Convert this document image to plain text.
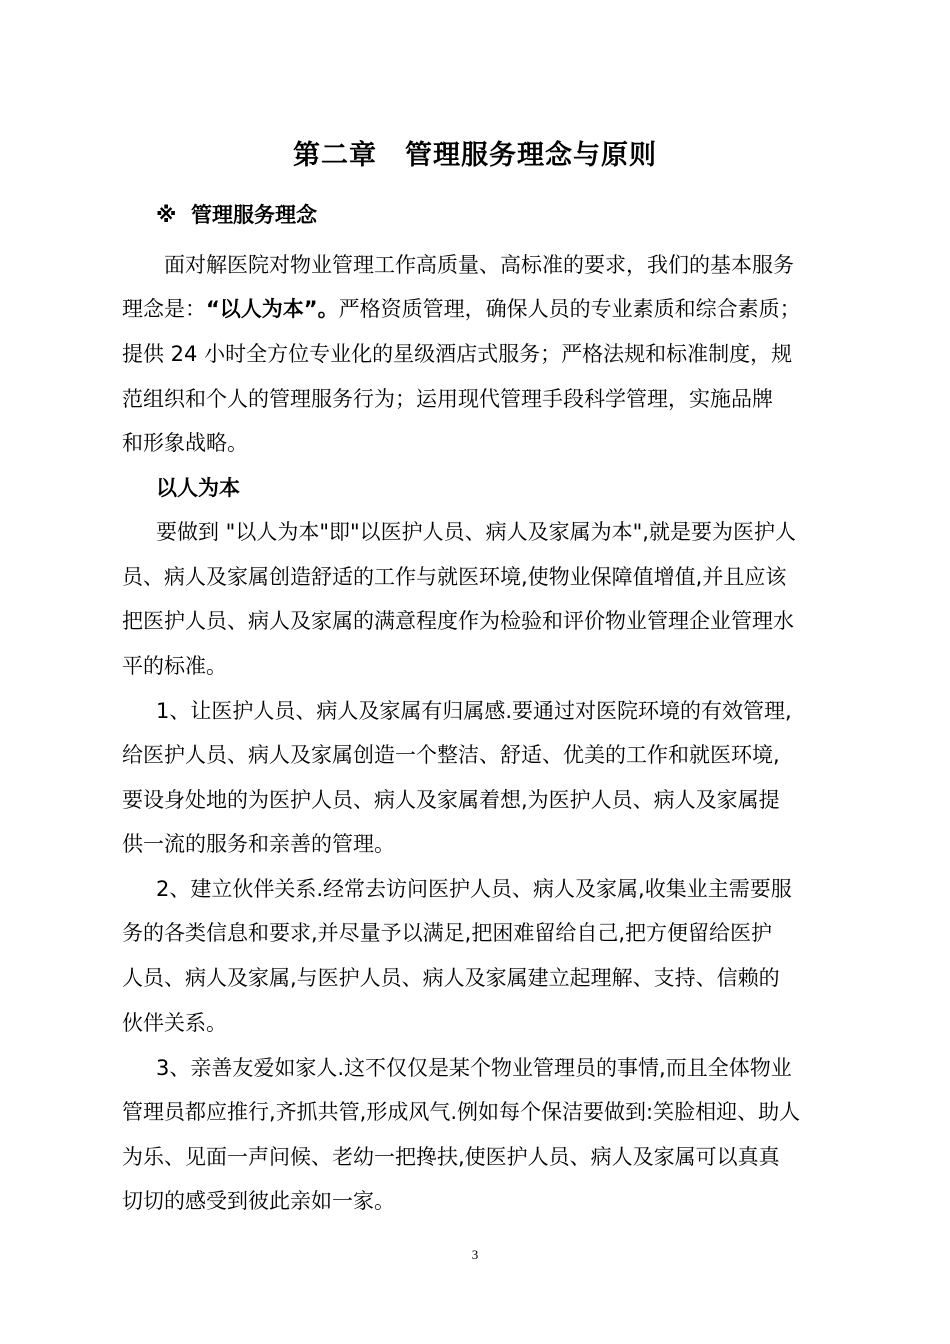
第二章　管理服务理念与原则
※  管理服务理念
面对解医院对物业管理工作高质量、高标准的要求，我们的基本服务
理念是：“以人为本”。严格资质管理，确保人员的专业素质和综合素质；
提供 24 小时全方位专业化的星级酒店式服务；严格法规和标准制度，规
范组织和个人的管理服务行为；运用现代管理手段科学管理，实施品牌
和形象战略。
以人为本
要做到 "以人为本"即"以医护人员、病人及家属为本",就是要为医护人
员、病人及家属创造舒适的工作与就医环境,使物业保障值增值,并且应该
把医护人员、病人及家属的满意程度作为检验和评价物业管理企业管理水
平的标准。
1、让医护人员、病人及家属有归属感.要通过对医院环境的有效管理,
给医护人员、病人及家属创造一个整洁、舒适、优美的工作和就医环境,
要设身处地的为医护人员、病人及家属着想,为医护人员、病人及家属提
供一流的服务和亲善的管理。
2、建立伙伴关系.经常去访问医护人员、病人及家属,收集业主需要服
务的各类信息和要求,并尽量予以满足,把困难留给自己,把方便留给医护
人员、病人及家属,与医护人员、病人及家属建立起理解、支持、信赖的
伙伴关系。
3、亲善友爱如家人.这不仅仅是某个物业管理员的事情,而且全体物业
管理员都应推行,齐抓共管,形成风气.例如每个保洁要做到:笑脸相迎、助人
为乐、见面一声问候、老幼一把搀扶,使医护人员、病人及家属可以真真
切切的感受到彼此亲如一家。
3
